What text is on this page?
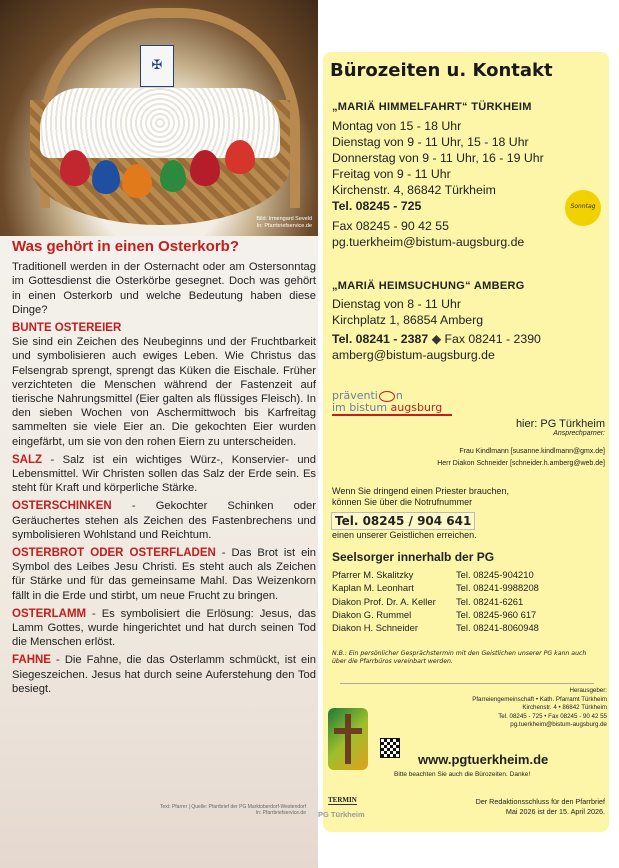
✠
Bild: Irmengard Seveld
In: Pfarrbriefservice.de
Was gehört in einen Osterkorb?

Traditionell werden in der Osternacht oder am Ostersonntag im Gottesdienst die Osterkörbe gesegnet. Doch was gehört in einen Osterkorb und welche Bedeutung haben diese Dinge?

BUNTE OSTEREIER
Sie sind ein Zeichen des Neubeginns und der Fruchtbarkeit und symbolisieren auch ewiges Leben. Wie Christus das Felsengrab sprengt, sprengt das Küken die Eischale. Früher verzichteten die Menschen während der Fastenzeit auf tierische Nahrungsmittel (Eier galten als flüssiges Fleisch). In den sieben Wochen von Aschermittwoch bis Karfreitag sammelten sie viele Eier an. Die gekochten Eier wurden eingefärbt, um sie von den rohen Eiern zu unterscheiden.

SALZ - Salz ist ein wichtiges Würz-, Konservier- und Lebensmittel. Wir Christen sollen das Salz der Erde sein. Es steht für Kraft und körperliche Stärke.

OSTERSCHINKEN - Gekochter Schinken oder Geräuchertes stehen als Zeichen des Fastenbrechens und symbolisieren Wohlstand und Reichtum.

OSTERBROT ODER OSTERFLADEN - Das Brot ist ein Symbol des Leibes Jesu Christi. Es steht auch als Zeichen für Stärke und für das gemeinsame Mahl. Das Weizenkorn fällt in die Erde und stirbt, um neue Frucht zu bringen.

OSTERLAMM - Es symbolisiert die Erlösung: Jesus, das Lamm Gottes, wurde hingerichtet und hat durch seinen Tod die Menschen erlöst.

FAHNE - Die Fahne, die das Osterlamm schmückt, ist ein Siegeszeichen. Jesus hat durch seine Auferstehung den Tod besiegt.

Text: Pfarrer | Quelle: Pfarrbrief der PG Marktoberdorf-Westendorf
In: Pfarrbriefservice.de
Bürozeiten u. Kontakt
„MARIÄ HIMMELFAHRT“ TÜRKHEIM
Montag von 15 - 18 Uhr
Dienstag von 9 - 11 Uhr, 15 - 18 Uhr
Donnerstag von 9 - 11 Uhr, 16 - 19 Uhr
Freitag von 9 - 11 Uhr
Kirchenstr. 4, 86842 Türkheim
Tel. 08245 - 725
Fax 08245 - 90 42 55
pg.tuerkheim@bistum-augsburg.de
Sonntag
„MARIÄ HEIMSUCHUNG“ AMBERG
Dienstag von 8 - 11 Uhr
Kirchplatz 1, 86854 Amberg
Tel. 08241 - 2387 ◆ Fax 08241 - 2390
amberg@bistum-augsburg.de
präventi n
im bistum augsburg
hier: PG Türkheim
Ansprechparner:
Frau Kindlmann [susanne.kindlmann@gmx.de]
Herr Diakon Schneider [schneider.h.amberg@web.de]
Wenn Sie dringend einen Priester brauchen,
können Sie über die Notrufnummer
Tel. 08245 / 904 641
einen unserer Geistlichen erreichen.
Seelsorger innerhalb der PG
Pfarrer M. Skalitzky	Tel. 08245-904210
Kaplan M. Leonhart	Tel. 08241-9988208
Diakon Prof. Dr. A. Keller Tel. 08241-6261
Diakon G. Rummel	Tel. 08245-960 617
Diakon H. Schneider	Tel. 08241-8060948
N.B.: Ein persönlicher Gesprächstermin mit den Geistlichen unserer PG kann auch über die Pfarrbüros vereinbart werden.
Herausgeber:
Pfarreiengemeinschaft • Kath. Pfarramt Türkheim
Kirchenstr. 4 • 86842 Türkheim
Tel. 08245 - 725 • Fax 08245 - 90 42 55
pg.tuerkheim@bistum-augsburg.de
www.pgtuerkheim.de
Bitte beachten Sie auch die Bürozeiten. Danke!
TERMIN	Der Redaktionsschluss für den Pfarrbrief
Mai 2026 ist der 15. April 2026.
PG Türkheim
